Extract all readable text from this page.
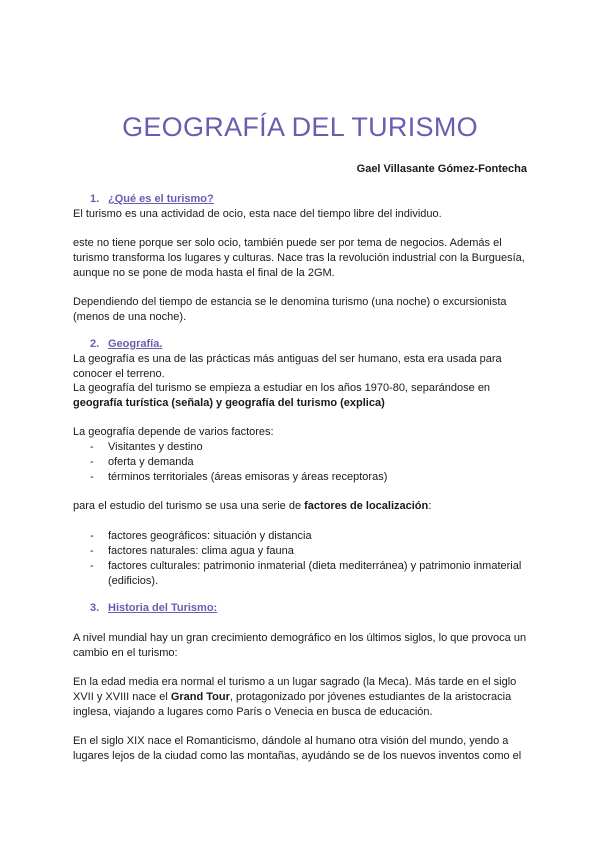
GEOGRAFÍA DEL TURISMO
Gael Villasante Gómez-Fontecha
1. ¿Qué es el turismo?
El turismo es una actividad de ocio, esta nace del tiempo libre del individuo.
este no tiene porque ser solo ocio, también puede ser por tema de negocios. Además el turismo transforma los lugares y culturas. Nace tras la revolución industrial con la Burguesía, aunque no se pone de moda hasta el final de la 2GM.
Dependiendo del tiempo de estancia se le denomina turismo (una noche) o excursionista (menos de una noche).
2. Geografía.
La geografía es una de las prácticas más antiguas del ser humano, esta era usada para conocer el terreno.
La geografía del turismo se empieza a estudiar en los años 1970-80, separándose en geografía turística (señala) y geografía del turismo (explica)
La geografía depende de varios factores:
- Visitantes y destino
- oferta y demanda
- términos territoriales (áreas emisoras y áreas receptoras)
para el estudio del turismo se usa una serie de factores de localización:
- factores geográficos: situación y distancia
- factores naturales: clima agua y fauna
- factores culturales: patrimonio inmaterial (dieta mediterránea) y patrimonio inmaterial (edificios).
3. Historia del Turismo:
A nivel mundial hay un gran crecimiento demográfico en los últimos siglos, lo que provoca un cambio en el turismo:
En la edad media era normal el turismo a un lugar sagrado (la Meca). Más tarde en el siglo XVII y XVIII nace el Grand Tour, protagonizado por jóvenes estudiantes de la aristocracia inglesa, viajando a lugares como París o Venecia en busca de educación.
En el siglo XIX nace el Romanticismo, dándole al humano otra visión del mundo, yendo a lugares lejos de la ciudad como las montañas, ayudándo se de los nuevos inventos como el
